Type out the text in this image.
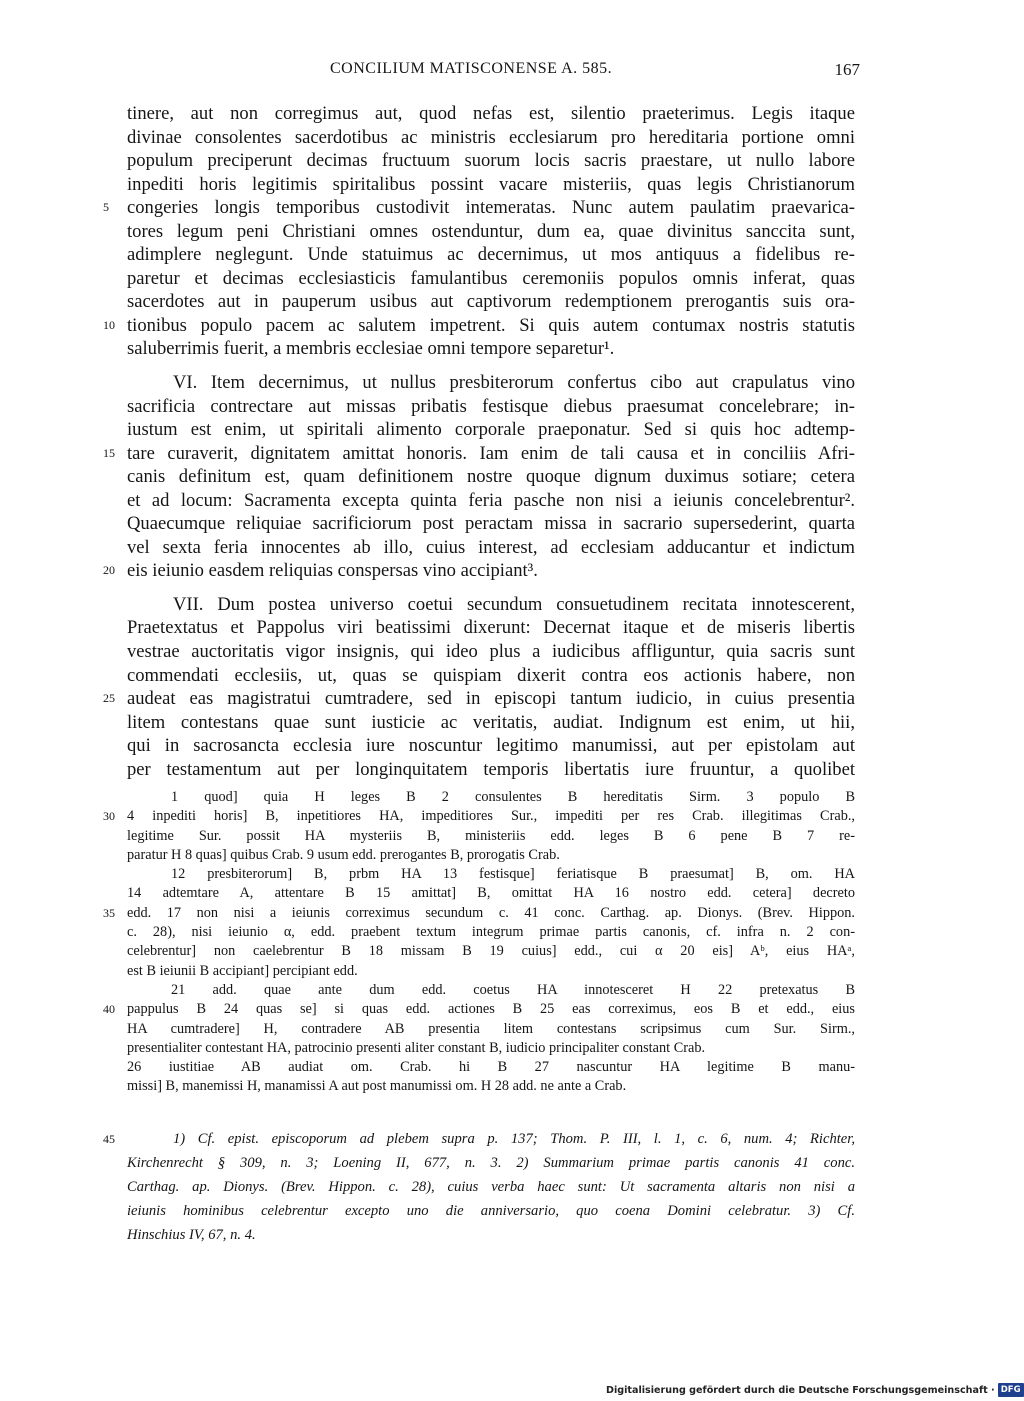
CONCILIUM MATISCONENSE A. 585.	167
tinere, aut non corregimus aut, quod nefas est, silentio praeterimus. Legis itaque
divinae consolentes sacerdotibus ac ministris ecclesiarum pro hereditaria portione omni
populum preciperunt decimas fructuum suorum locis sacris praestare, ut nullo labore
inpediti horis legitimis spiritalibus possint vacare misteriis, quas legis Christianorum
5 congeries longis temporibus custodivit intemeratas. Nunc autem paulatim praevarica-
tores legum peni Christiani omnes ostenduntur, dum ea, quae divinitus sanccita sunt,
adimplere neglegunt. Unde statuimus ac decernimus, ut mos antiquus a fidelibus re-
paretur et decimas ecclesiasticis famulantibus ceremoniis populos omnis inferat, quas
sacerdotes aut in pauperum usibus aut captivorum redemptionem prerogantis suis ora-
10 tionibus populo pacem ac salutem impetrent. Si quis autem contumax nostris statutis
saluberrimis fuerit, a membris ecclesiae omni tempore separetur¹.
VI. Item decernimus, ut nullus presbiterorum confertus cibo aut crapulatus vino
sacrificia contrectare aut missas pribatis festisque diebus praesumat concelebrare; in-
iustum est enim, ut spiritali alimento corporale praeponatur. Sed si quis hoc adtemp-
15 tare curaverit, dignitatem amittat honoris. Iam enim de tali causa et in conciliis Afri-
canis definitum est, quam definitionem nostre quoque dignum duximus sotiare; cetera
et ad locum: Sacramenta excepta quinta feria pasche non nisi a ieiunis concelebrentur².
Quaecumque reliquiae sacrificiorum post peractam missa in sacrario supersederint, quarta
vel sexta feria innocentes ab illo, cuius interest, ad ecclesiam adducantur et indictum
20 eis ieiunio easdem reliquias conspersas vino accipiant³.
VII. Dum postea universo coetui secundum consuetudinem recitata innotescerent,
Praetextatus et Pappolus viri beatissimi dixerunt: Decernat itaque et de miseris libertis
vestrae auctoritatis vigor insignis, qui ideo plus a iudicibus affliguntur, quia sacris sunt
commendati ecclesiis, ut, quas se quispiam dixerit contra eos actionis habere, non
25 audeat eas magistratui cumtradere, sed in episcopi tantum iudicio, in cuius presentia
litem contestans quae sunt iusticie ac veritatis, audiat. Indignum est enim, ut hii,
qui in sacrosancta ecclesia iure noscuntur legitimo manumissi, aut per epistolam aut
per testamentum aut per longinquitatem temporis libertatis iure fruuntur, a quolibet
1 quod] quia H leges B 2 consulentes B hereditatis Sirm. 3 populo B
30 4 inpediti horis] B, inpetitiores HA, impeditiores Sur., impediti per res Crab. illegitimas Crab.,
legitime Sur. possit HA mysteriis B, ministeriis edd. leges B 6 pene B 7 re-
paratur H 8 quas] quibus Crab. 9 usum edd. prerogantes B, prorogatis Crab.
12 presbiterorum] B, prbm HA 13 festisque] feriatisque B praesumat] B, om. HA
14 adtemtare A, attentare B 15 amittat] B, omittat HA 16 nostro edd. cetera] decreto
35 edd. 17 non nisi a ieiunis correximus secundum c. 41 conc. Carthag. ap. Dionys. (Brev. Hippon.
c. 28), nisi ieiunio α, edd. praebent textum integrum primae partis canonis, cf. infra n. 2 con-
celebrentur] non caelebrentur B 18 missam B 19 cuius] edd., cui α 20 eis] Aᵇ, eius HAᵃ,
est B ieiunii B accipiant] percipiant edd.
21 add. quae ante dum edd. coetus HA innotesceret H 22 pretexatus B
40 pappulus B 24 quas se] si quas edd. actiones B 25 eas correximus, eos B et edd., eius
HA cumtradere] H, contradere AB presentia litem contestans scripsimus cum Sur. Sirm.,
presentialiter contestant HA, patrocinio presenti aliter constant B, iudicio principaliter constant Crab.
26 iustitiae AB audiat om. Crab. hi B 27 nascuntur HA legitime B manu-
missi] B, manemissi H, manamissi A aut post manumissi om. H 28 add. ne ante a Crab.
45	1) Cf. epist. episcoporum ad plebem supra p. 137; Thom. P. III, l. 1, c. 6, num. 4; Richter,
Kirchenrecht § 309, n. 3; Loening II, 677, n. 3. 2) Summarium primae partis canonis 41 conc.
Carthag. ap. Dionys. (Brev. Hippon. c. 28), cuius verba haec sunt: Ut sacramenta altaris non nisi a
ieiunis hominibus celebrentur excepto uno die anniversario, quo coena Domini celebratur. 3) Cf.
Hinschius IV, 67, n. 4.
Digitalisierung gefördert durch die Deutsche Forschungsgemeinschaft · DFG
